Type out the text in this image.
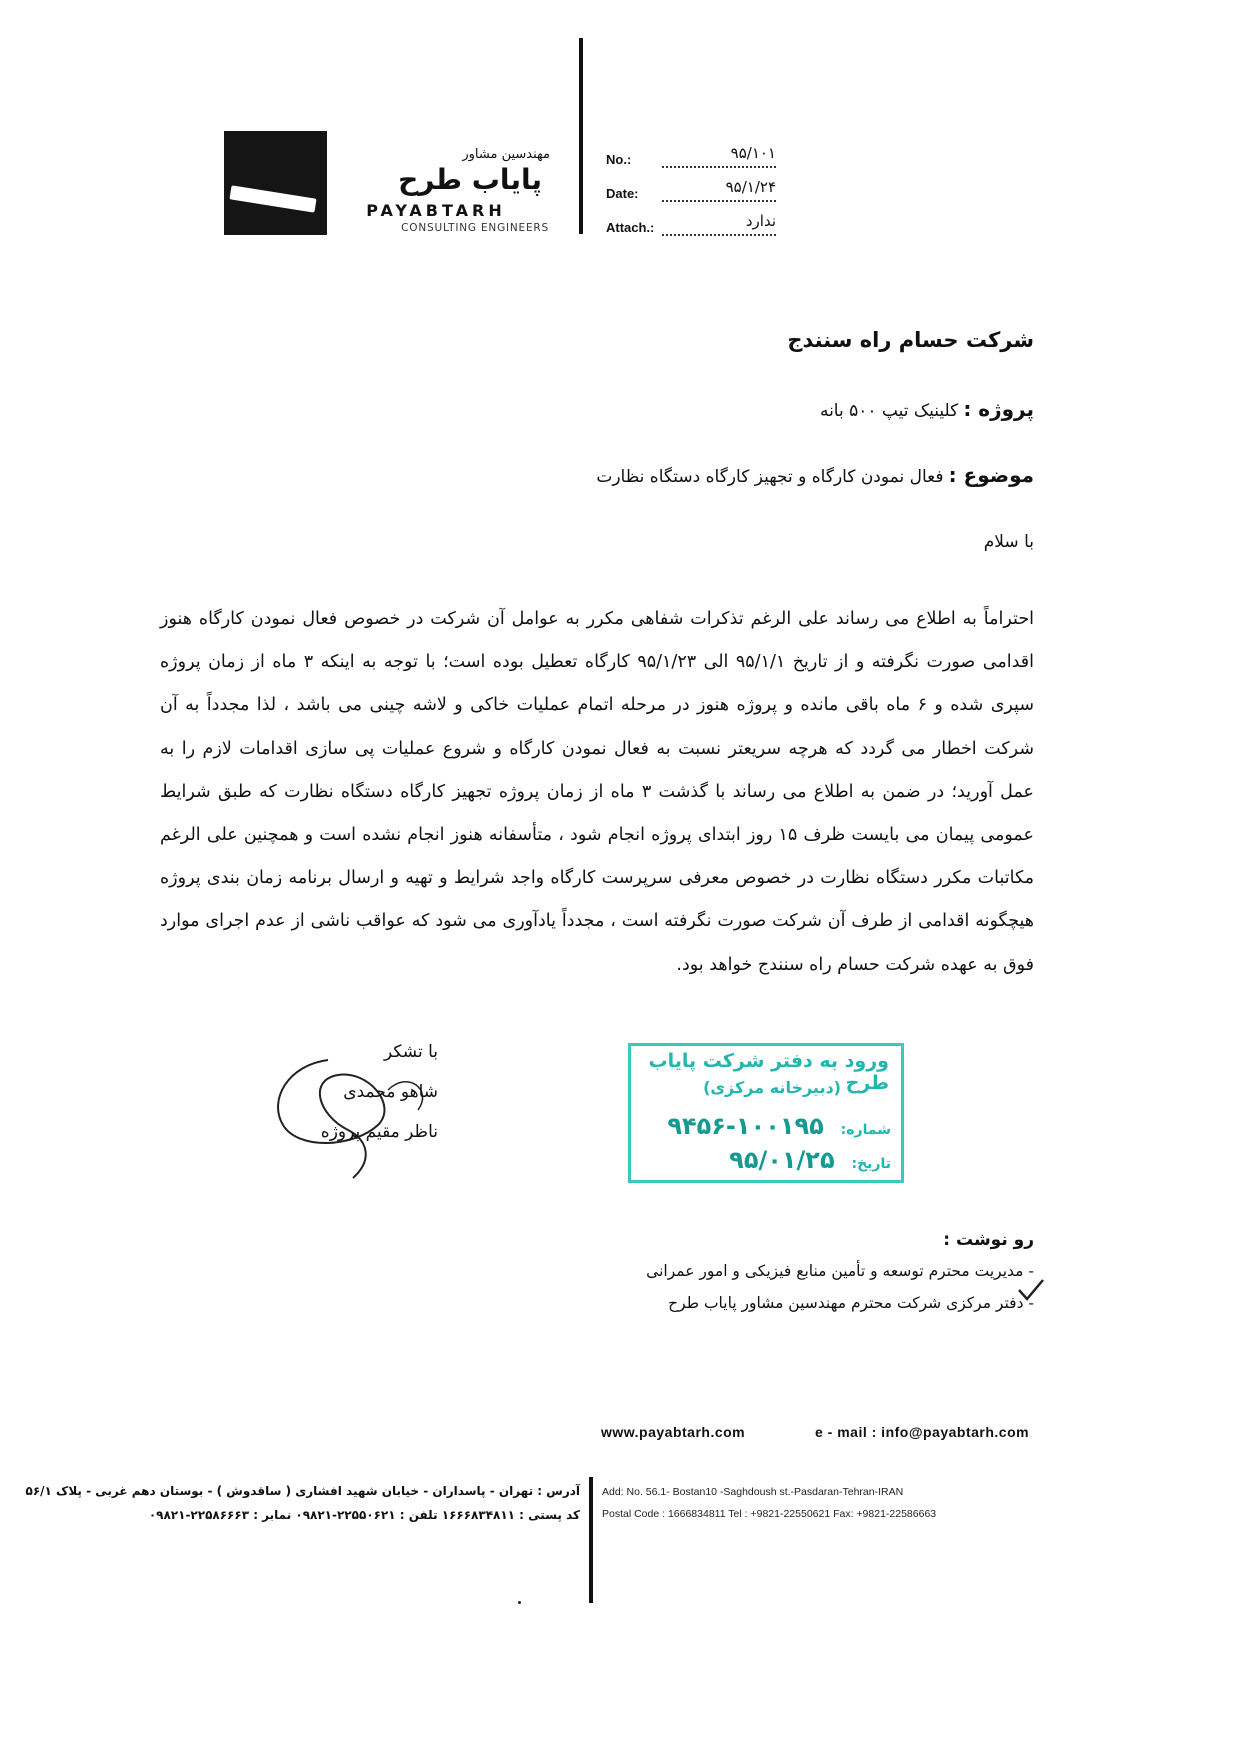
مهندسین مشاور
پایاب طرح
PAYABTARH
CONSULTING ENGINEERS
No.:	۹۵/۱۰۱
Date:	۹۵/۱/۲۴
Attach.:	ندارد
شرکت حسام راه سنندج
پروژه : کلینیک تیپ ۵۰۰ بانه
موضوع : فعال نمودن کارگاه و تجهیز کارگاه دستگاه نظارت
با سلام
احتراماً به اطلاع می رساند علی الرغم تذکرات شفاهی مکرر به عوامل آن شرکت در خصوص فعال نمودن کارگاه هنوز اقدامی صورت نگرفته و از تاریخ ۹۵/۱/۱ الی ۹۵/۱/۲۳ کارگاه تعطیل بوده است؛ با توجه به اینکه ۳ ماه از زمان پروژه سپری شده و ۶ ماه باقی مانده و پروژه هنوز در مرحله اتمام عملیات خاکی و لاشه چینی می باشد ، لذا مجدداً به آن شرکت اخطار می گردد که هرچه سریعتر نسبت به فعال نمودن کارگاه و شروع عملیات پی سازی اقدامات لازم را به عمل آورید؛ در ضمن به اطلاع می رساند با گذشت ۳ ماه از زمان پروژه تجهیز کارگاه دستگاه نظارت که طبق شرایط عمومی پیمان می بایست ظرف ۱۵ روز ابتدای پروژه انجام شود ، متأسفانه هنوز انجام نشده است و همچنین علی الرغم مکاتبات مکرر دستگاه نظارت در خصوص معرفی سرپرست کارگاه واجد شرایط و تهیه و ارسال برنامه زمان بندی پروژه هیچگونه اقدامی از طرف آن شرکت صورت نگرفته است ، مجدداً یادآوری می شود که عواقب ناشی از عدم اجرای موارد فوق به عهده شرکت حسام راه سنندج خواهد بود.
با تشکر
شاهو محمدی
ناظر مقیم پروژه
ورود به دفتر شرکت پایاب طرح
(دبیرخانه مرکزی)
شماره: ۱۰۰۱۹۵-۹۴۵۶
تاریخ: ۹۵/۰۱/۲۵
رو نوشت :
- مدیریت محترم توسعه و تأمین منابع فیزیکی و امور عمرانی
- دفتر مرکزی شرکت محترم مهندسین مشاور پایاب طرح
www.payabtarh.com	e - mail : info@payabtarh.com
آدرس : تهران - پاسداران - خیابان شهید افشاری ( ساقدوش ) - بوستان دهم غربی - پلاک ۵۶/۱
کد پستی : ۱۶۶۶۸۳۴۸۱۱ تلفن : ۲۲۵۵۰۶۲۱-۰۹۸۲۱ نمابر : ۲۲۵۸۶۶۶۳-۰۹۸۲۱
Add: No. 56.1- Bostan10 -Saghdoush st.-Pasdaran-Tehran-IRAN
Postal Code : 1666834811 Tel : +9821-22550621 Fax: +9821-22586663
